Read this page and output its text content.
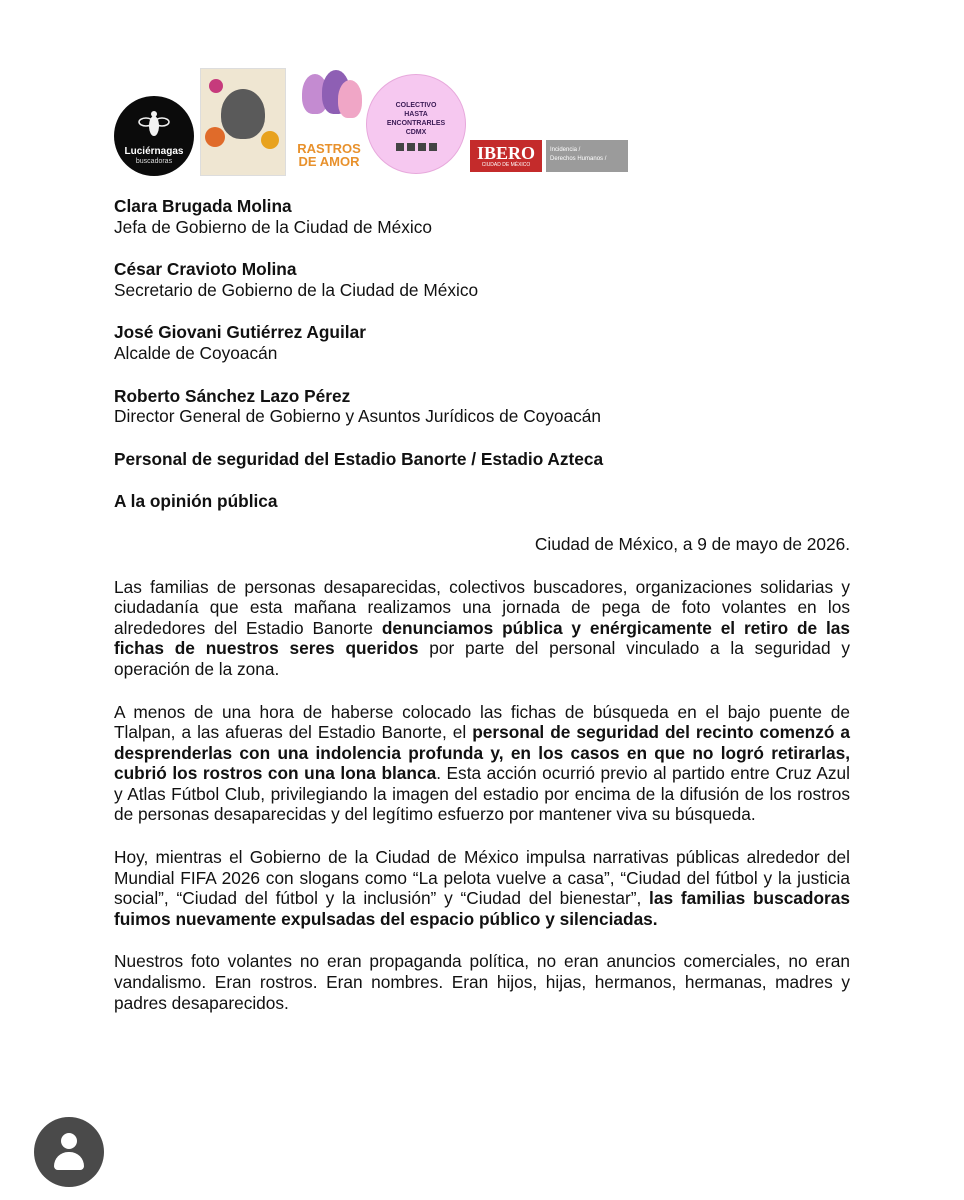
Luciérnagas
buscadoras
RASTROS
DE AMOR
COLECTIVO
HASTA ENCONTRARLES
CDMX
IBERO
CIUDAD DE MÉXICO
Incidencia /
Derechos Humanos /

Clara Brugada Molina

Jefa de Gobierno de la Ciudad de México

César Cravioto Molina

Secretario de Gobierno de la Ciudad de México

José Giovani Gutiérrez Aguilar

Alcalde de Coyoacán

Roberto Sánchez Lazo Pérez

Director General de Gobierno y Asuntos Jurídicos de Coyoacán

Personal de seguridad del Estadio Banorte / Estadio Azteca

A la opinión pública

Ciudad de México, a 9 de mayo de 2026.

Las familias de personas desaparecidas, colectivos buscadores, organizaciones solidarias y ciudadanía que esta mañana realizamos una jornada de pega de foto volantes en los alrededores del Estadio Banorte denunciamos pública y enérgicamente el retiro de las fichas de nuestros seres queridos por parte del personal vinculado a la seguridad y operación de la zona.

A menos de una hora de haberse colocado las fichas de búsqueda en el bajo puente de Tlalpan, a las afueras del Estadio Banorte, el personal de seguridad del recinto comenzó a desprenderlas con una indolencia profunda y, en los casos en que no logró retirarlas, cubrió los rostros con una lona blanca. Esta acción ocurrió previo al partido entre Cruz Azul y Atlas Fútbol Club, privilegiando la imagen del estadio por encima de la difusión de los rostros de personas desaparecidas y del legítimo esfuerzo por mantener viva su búsqueda.

Hoy, mientras el Gobierno de la Ciudad de México impulsa narrativas públicas alrededor del Mundial FIFA 2026 con slogans como “La pelota vuelve a casa”, “Ciudad del fútbol y la justicia social”, “Ciudad del fútbol y la inclusión” y “Ciudad del bienestar”, las familias buscadoras fuimos nuevamente expulsadas del espacio público y silenciadas.

Nuestros foto volantes no eran propaganda política, no eran anuncios comerciales, no eran vandalismo. Eran rostros. Eran nombres. Eran hijos, hijas, hermanos, hermanas, madres y padres desaparecidos.
